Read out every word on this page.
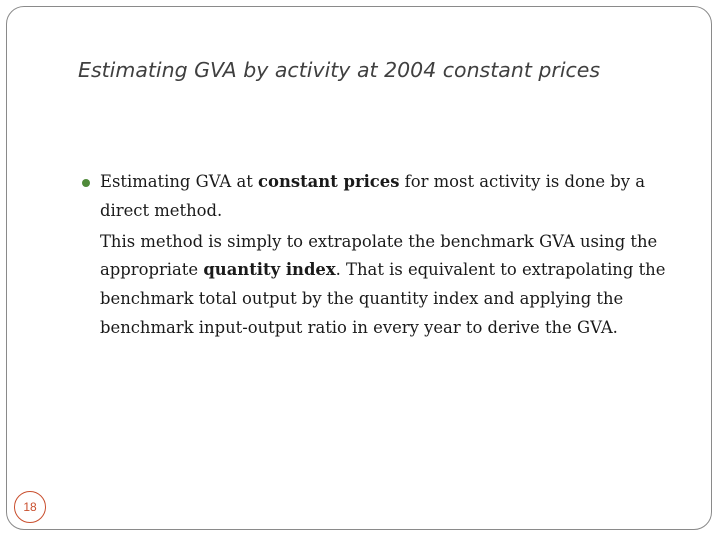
Estimating GVA by activity at 2004 constant prices
Estimating GVA at constant prices for most activity is done by a direct method.
This method is simply to extrapolate the benchmark GVA using the appropriate quantity index. That is equivalent to extrapolating the benchmark total output by the quantity index and applying the benchmark input-output ratio in every year to derive the GVA.
18
